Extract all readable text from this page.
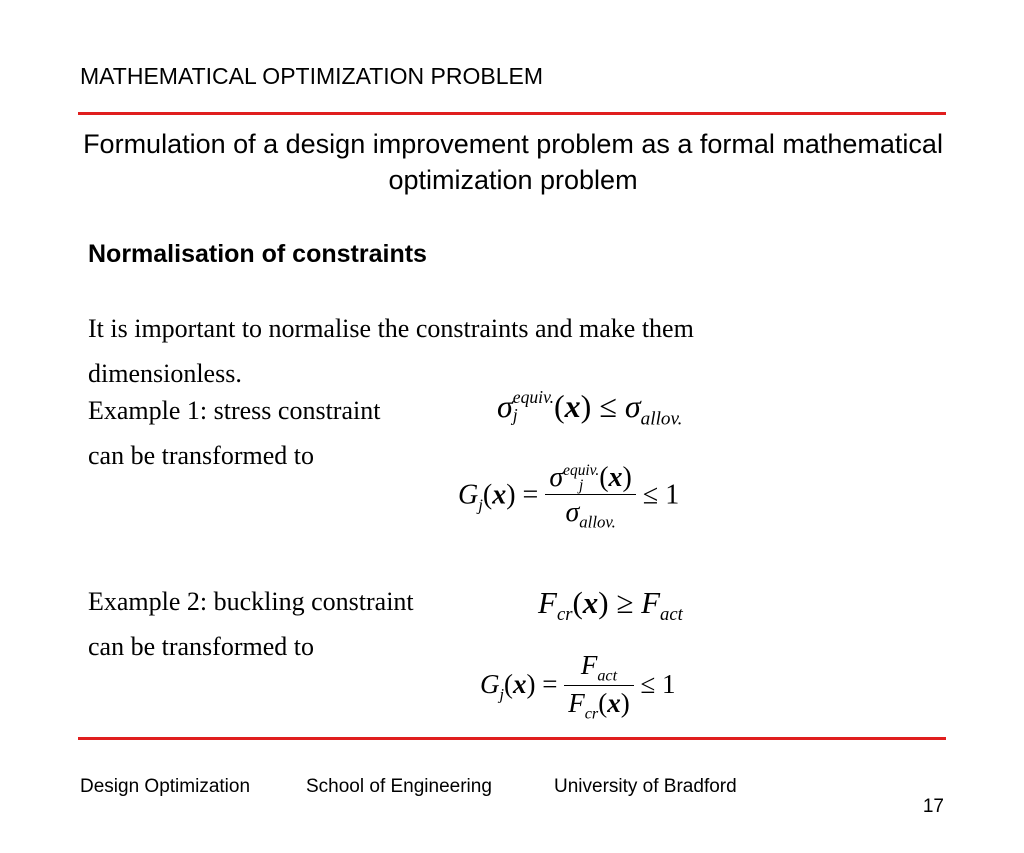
MATHEMATICAL OPTIMIZATION PROBLEM
Formulation of a design improvement problem as a formal mathematical optimization problem
Normalisation of constraints
It is important to normalise the constraints and make them dimensionless.
Example 1: stress constraint
can be transformed to
Example 2: buckling constraint
can be transformed to
σ equiv.
j	$(x) \le \sigma_{allov.}$
$G_j(x) = \sigma$ equiv.
j (x)
$\sigma_{allov.} \le 1$
$F_{cr}(x) \ge F_{act}$
$G_j(x) = \frac{F_{act}}{F_{cr}(x)} \le 1$
Design Optimization	School of Engineering	University of Bradford
17
